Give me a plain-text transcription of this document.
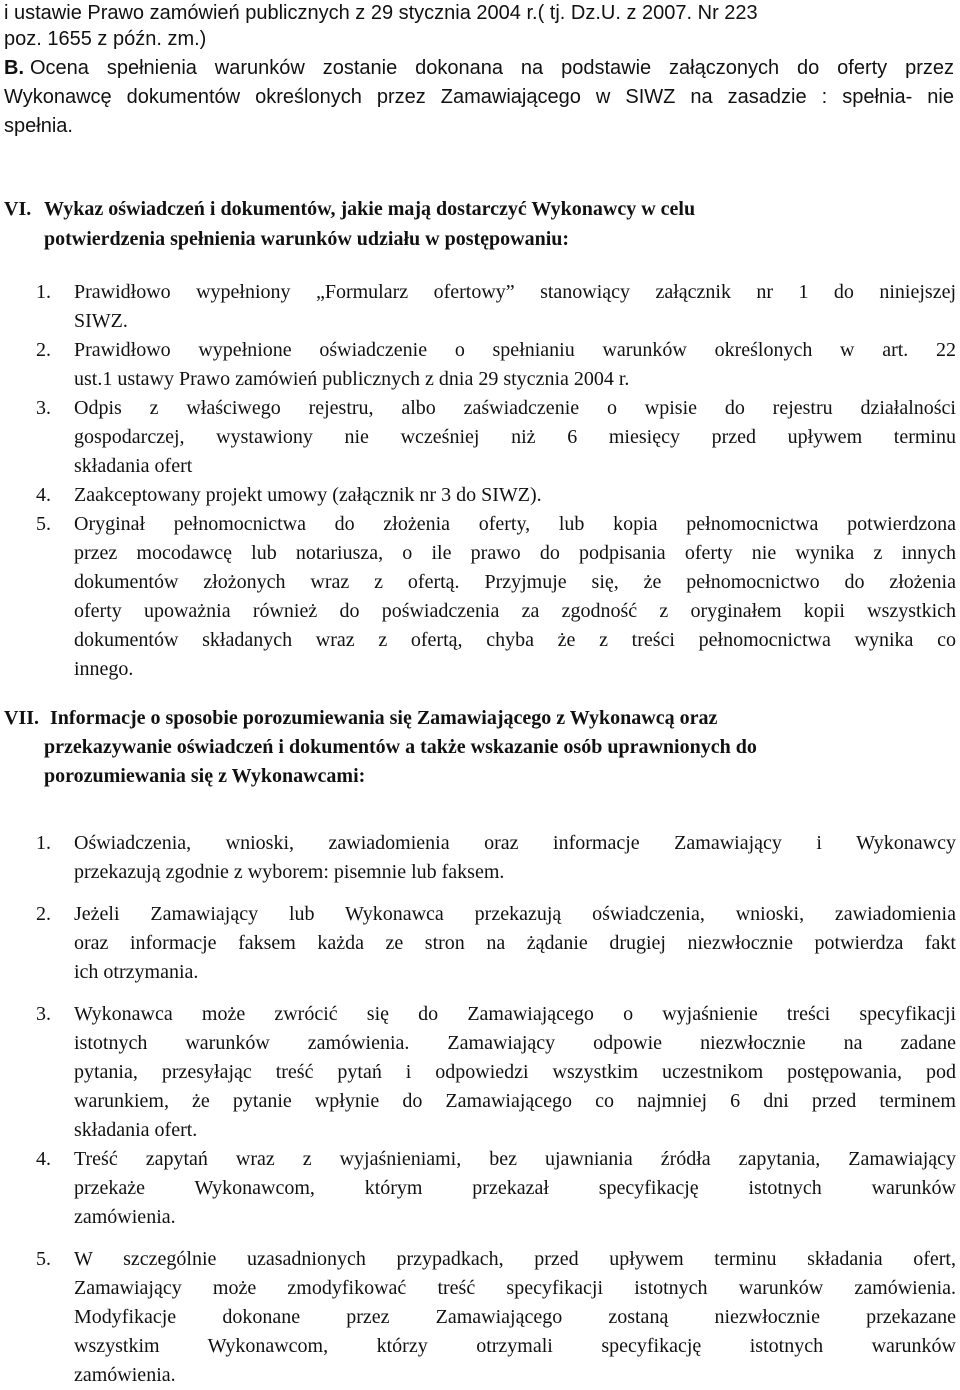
i ustawie Prawo zamówień publicznych z 29 stycznia 2004 r.( tj. Dz.U. z 2007. Nr 223
poz. 1655 z późn. zm.)
B. Ocena spełnienia warunków zostanie dokonana na podstawie załączonych do oferty przez
Wykonawcę dokumentów określonych przez Zamawiającego w SIWZ na zasadzie : spełnia- nie
spełnia.
VI. Wykaz oświadczeń i dokumentów, jakie mają dostarczyć Wykonawcy w celu
potwierdzenia spełnienia warunków udziału w postępowaniu:
1. Prawidłowo wypełniony „Formularz ofertowy” stanowiący załącznik nr 1 do niniejszej
SIWZ.
2. Prawidłowo wypełnione oświadczenie o spełnianiu warunków określonych w art. 22
ust.1 ustawy Prawo zamówień publicznych z dnia 29 stycznia 2004 r.
3. Odpis z właściwego rejestru, albo zaświadczenie o wpisie do rejestru działalności
gospodarczej, wystawiony nie wcześniej niż 6 miesięcy przed upływem terminu
składania ofert
4. Zaakceptowany projekt umowy (załącznik nr 3 do SIWZ).
5. Oryginał pełnomocnictwa do złożenia oferty, lub kopia pełnomocnictwa potwierdzona
przez mocodawcę lub notariusza, o ile prawo do podpisania oferty nie wynika z innych
dokumentów złożonych wraz z ofertą. Przyjmuje się, że pełnomocnictwo do złożenia
oferty upoważnia również do poświadczenia za zgodność z oryginałem kopii wszystkich
dokumentów składanych wraz z ofertą, chyba że z treści pełnomocnictwa wynika co
innego.
VII. Informacje o sposobie porozumiewania się Zamawiającego z Wykonawcą oraz
przekazywanie oświadczeń i dokumentów a także wskazanie osób uprawnionych do
porozumiewania się z Wykonawcami:
1. Oświadczenia, wnioski, zawiadomienia oraz informacje Zamawiający i Wykonawcy
przekazują zgodnie z wyborem: pisemnie lub faksem.
2. Jeżeli Zamawiający lub Wykonawca przekazują oświadczenia, wnioski, zawiadomienia
oraz informacje faksem każda ze stron na żądanie drugiej niezwłocznie potwierdza fakt
ich otrzymania.
3. Wykonawca może zwrócić się do Zamawiającego o wyjaśnienie treści specyfikacji
istotnych warunków zamówienia. Zamawiający odpowie niezwłocznie na zadane
pytania, przesyłając treść pytań i odpowiedzi wszystkim uczestnikom postępowania, pod
warunkiem, że pytanie wpłynie do Zamawiającego co najmniej 6 dni przed terminem
składania ofert.
4. Treść zapytań wraz z wyjaśnieniami, bez ujawniania źródła zapytania, Zamawiający
przekaże Wykonawcom, którym przekazał specyfikację istotnych warunków
zamówienia.
5. W szczególnie uzasadnionych przypadkach, przed upływem terminu składania ofert,
Zamawiający może zmodyfikować treść specyfikacji istotnych warunków zamówienia.
Modyfikacje dokonane przez Zamawiającego zostaną niezwłocznie przekazane
wszystkim Wykonawcom, którzy otrzymali specyfikację istotnych warunków
zamówienia.
